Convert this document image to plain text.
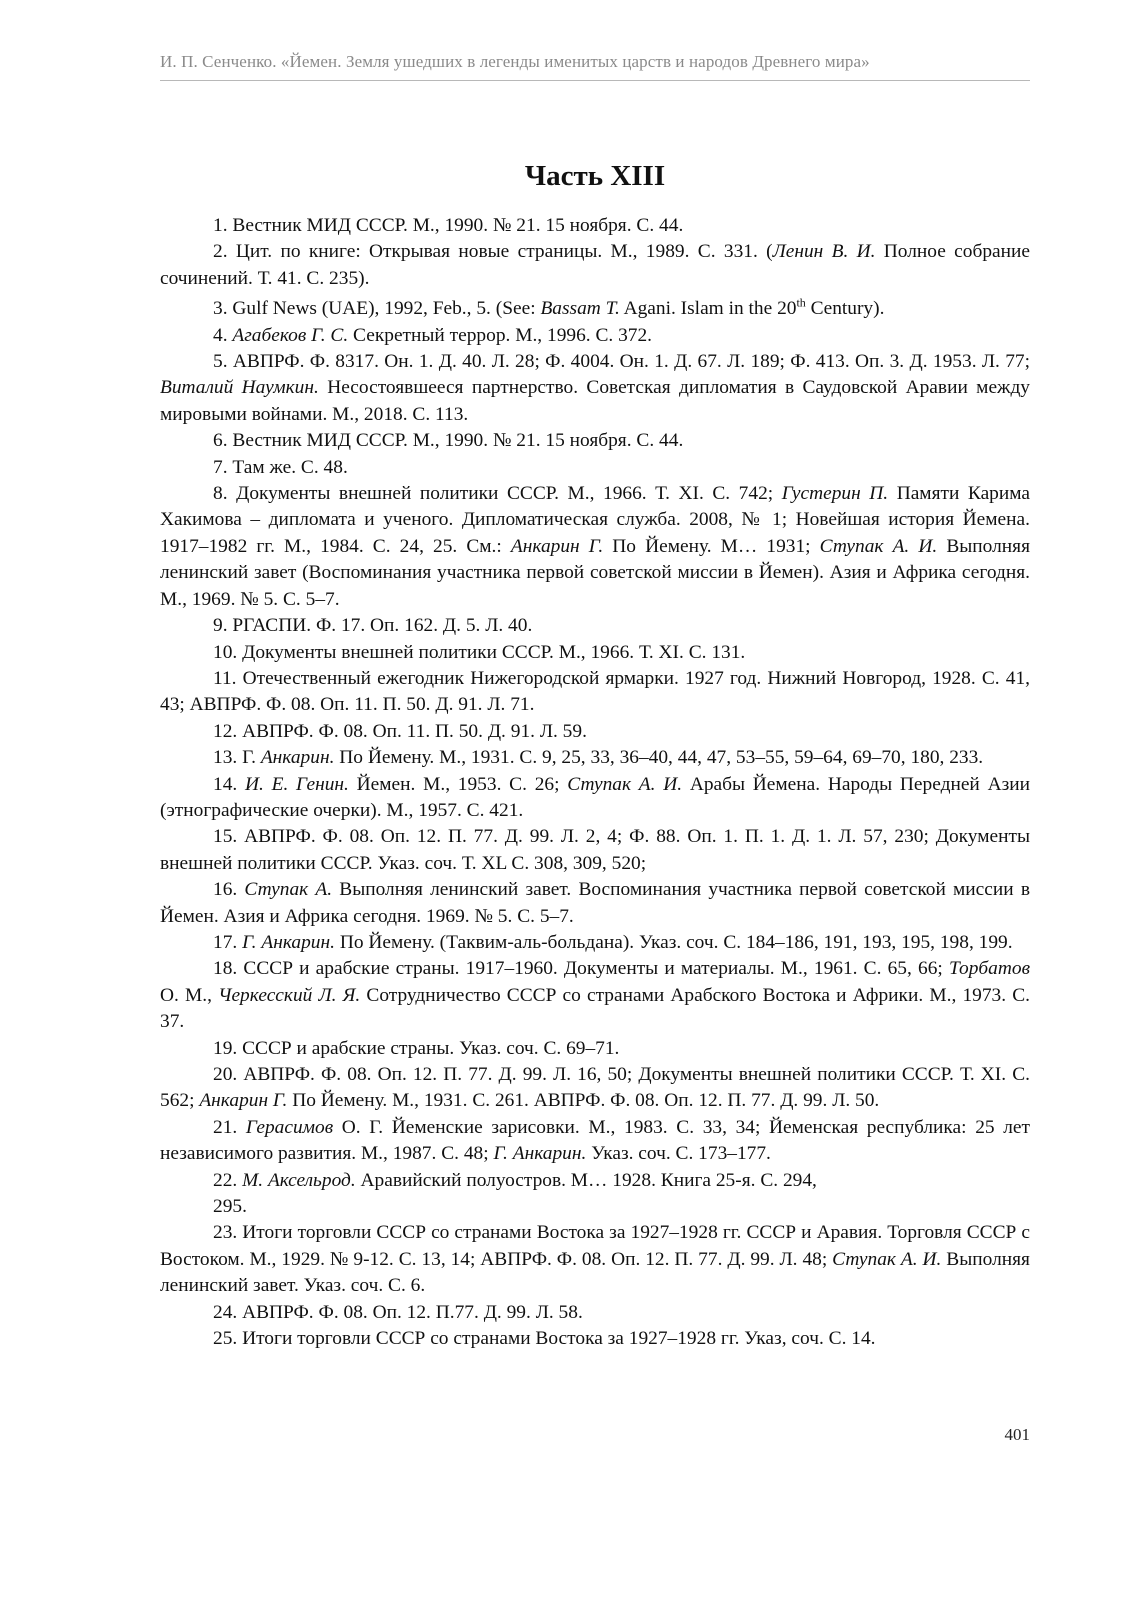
И. П. Сенченко. «Йемен. Земля ушедших в легенды именитых царств и народов Древнего мира»
Часть XIII

1. Вестник МИД СССР. М., 1990. № 21. 15 ноября. С. 44.

2. Цит. по книге: Открывая новые страницы. М., 1989. С. 331. (Ленин В. И. Полное собрание сочинений. Т. 41. С. 235).

3. Gulf News (UAE), 1992, Feb., 5. (See: Bassam T. Agani. Islam in the 20th Century).

4. Агабеков Г. С. Секретный террор. М., 1996. С. 372.

5. АВПРФ. Ф. 8317. Он. 1. Д. 40. Л. 28; Ф. 4004. Он. 1. Д. 67. Л. 189; Ф. 413. Оп. 3. Д. 1953. Л. 77; Виталий Наумкин. Несостоявшееся партнерство. Советская дипломатия в Саудовской Аравии между мировыми войнами. М., 2018. С. 113.

6. Вестник МИД СССР. М., 1990. № 21. 15 ноября. С. 44.

7. Там же. С. 48.

8. Документы внешней политики СССР. М., 1966. Т. XI. С. 742; Густерин П. Памяти Карима Хакимова – дипломата и ученого. Дипломатическая служба. 2008, № 1; Новейшая история Йемена. 1917–1982 гг. М., 1984. С. 24, 25. См.: Анкарин Г. По Йемену. М… 1931; Ступак А. И. Выполняя ленинский завет (Воспоминания участника первой советской миссии в Йемен). Азия и Африка сегодня. М., 1969. № 5. С. 5–7.

9. РГАСПИ. Ф. 17. Оп. 162. Д. 5. Л. 40.

10. Документы внешней политики СССР. М., 1966. Т. XI. С. 131.

11. Отечественный ежегодник Нижегородской ярмарки. 1927 год. Нижний Новгород, 1928. С. 41, 43; АВПРФ. Ф. 08. Оп. 11. П. 50. Д. 91. Л. 71.

12. АВПРФ. Ф. 08. Оп. 11. П. 50. Д. 91. Л. 59.

13. Г. Анкарин. По Йемену. М., 1931. С. 9, 25, 33, 36–40, 44, 47, 53–55, 59–64, 69–70, 180, 233.

14. И. Е. Генин. Йемен. М., 1953. С. 26; Ступак А. И. Арабы Йемена. Народы Передней Азии (этнографические очерки). М., 1957. С. 421.

15. АВПРФ. Ф. 08. Оп. 12. П. 77. Д. 99. Л. 2, 4; Ф. 88. Оп. 1. П. 1. Д. 1. Л. 57, 230; Документы внешней политики СССР. Указ. соч. Т. XL С. 308, 309, 520;

16. Ступак А. Выполняя ленинский завет. Воспоминания участника первой советской миссии в Йемен. Азия и Африка сегодня. 1969. № 5. С. 5–7.

17. Г. Анкарин. По Йемену. (Таквим-аль-больдана). Указ. соч. С. 184–186, 191, 193, 195, 198, 199.

18. СССР и арабские страны. 1917–1960. Документы и материалы. М., 1961. С. 65, 66; Торбатов О. М., Черкесский Л. Я. Сотрудничество СССР со странами Арабского Востока и Африки. М., 1973. С. 37.

19. СССР и арабские страны. Указ. соч. С. 69–71.

20. АВПРФ. Ф. 08. Оп. 12. П. 77. Д. 99. Л. 16, 50; Документы внешней политики СССР. Т. XI. С. 562; Анкарин Г. По Йемену. М., 1931. С. 261. АВПРФ. Ф. 08. Оп. 12. П. 77. Д. 99. Л. 50.

21. Герасимов О. Г. Йеменские зарисовки. М., 1983. С. 33, 34; Йеменская республика: 25 лет независимого развития. М., 1987. С. 48; Г. Анкарин. Указ. соч. С. 173–177.

22. М. Аксельрод. Аравийский полуостров. М… 1928. Книга 25-я. С. 294,

295.

23. Итоги торговли СССР со странами Востока за 1927–1928 гг. СССР и Аравия. Торговля СССР с Востоком. М., 1929. № 9-12. С. 13, 14; АВПРФ. Ф. 08. Оп. 12. П. 77. Д. 99. Л. 48; Ступак А. И. Выполняя ленинский завет. Указ. соч. С. 6.

24. АВПРФ. Ф. 08. Оп. 12. П.77. Д. 99. Л. 58.

25. Итоги торговли СССР со странами Востока за 1927–1928 гг. Указ, соч. С. 14.

401
